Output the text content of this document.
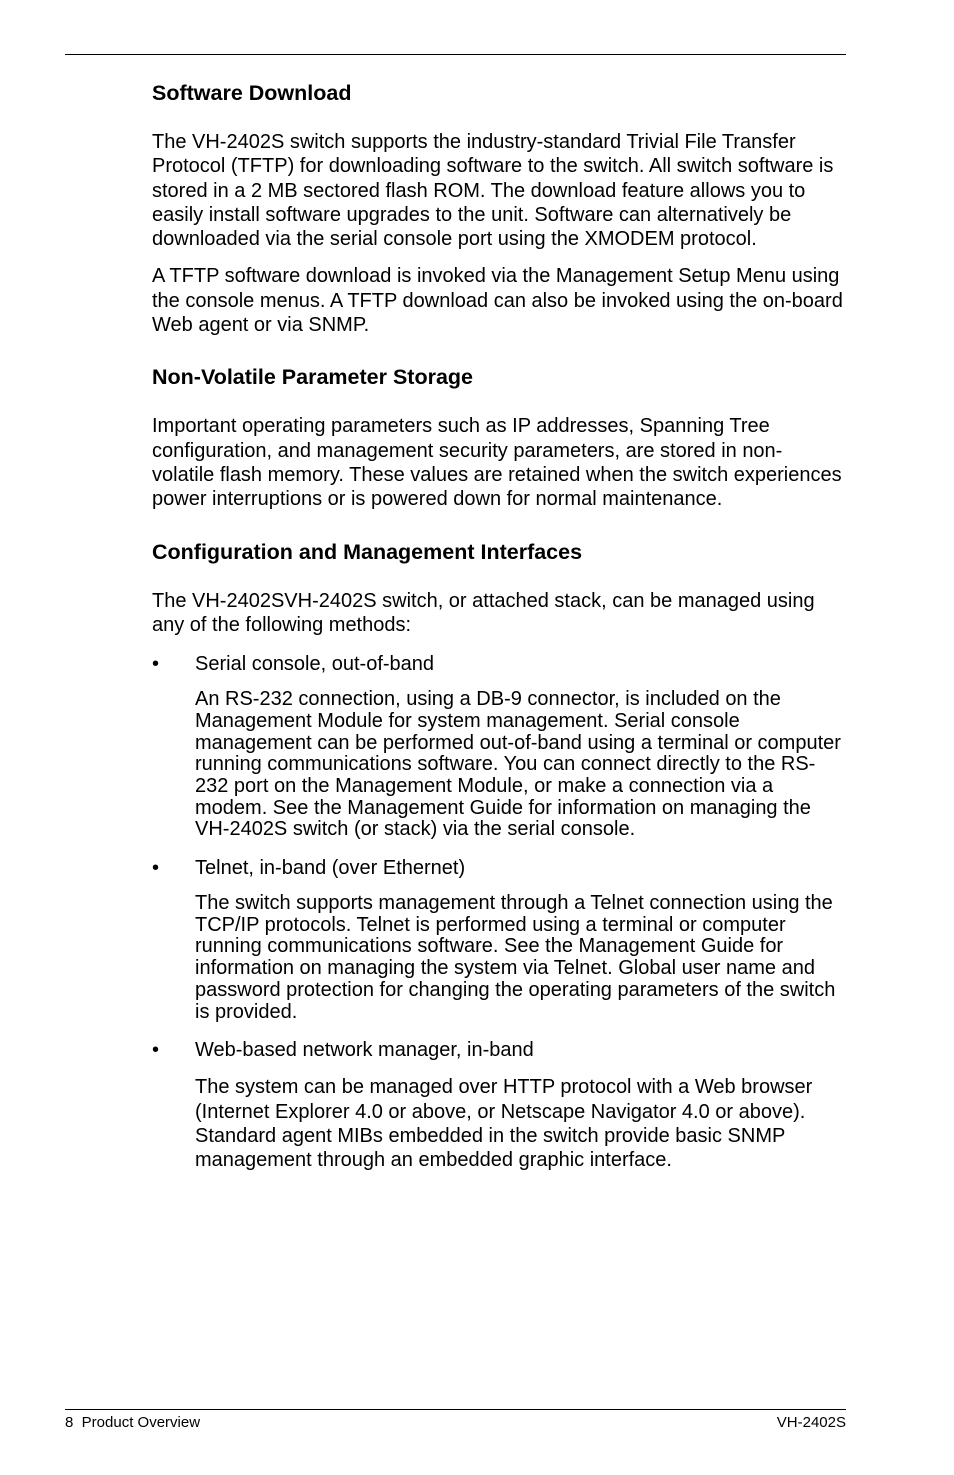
Software Download

The VH-2402S switch supports the industry-standard Trivial File Transfer Protocol (TFTP) for downloading software to the switch. All switch software is stored in a 2 MB sectored flash ROM. The download feature allows you to easily install software upgrades to the unit. Software can alternatively be downloaded via the serial console port using the XMODEM protocol.

A TFTP software download is invoked via the Management Setup Menu using the console menus. A TFTP download can also be invoked using the on-board Web agent or via SNMP.

Non-Volatile Parameter Storage

Important operating parameters such as IP addresses, Spanning Tree configuration, and management security parameters, are stored in non-volatile flash memory. These values are retained when the switch experiences power interruptions or is powered down for normal maintenance.

Configuration and Management Interfaces

The VH-2402SVH-2402S switch, or attached stack, can be managed using any of the following methods:

•	Serial console, out-of-band

An RS-232 connection, using a DB-9 connector, is included on the Management Module for system management. Serial console management can be performed out-of-band using a terminal or computer running communications software. You can connect directly to the RS-232 port on the Management Module, or make a connection via a modem. See the Management Guide for information on managing the VH-2402S switch (or stack) via the serial console.

•	Telnet, in-band (over Ethernet)

The switch supports management through a Telnet connection using the TCP/IP protocols. Telnet is performed using a terminal or computer running communications software. See the Management Guide for information on managing the system via Telnet. Global user name and password protection for changing the operating parameters of the switch is provided.

•	Web-based network manager, in-band

The system can be managed over HTTP protocol with a Web browser (Internet Explorer 4.0 or above, or Netscape Navigator 4.0 or above). Standard agent MIBs embedded in the switch provide basic SNMP management through an embedded graphic interface.

8  Product Overview	VH-2402S
